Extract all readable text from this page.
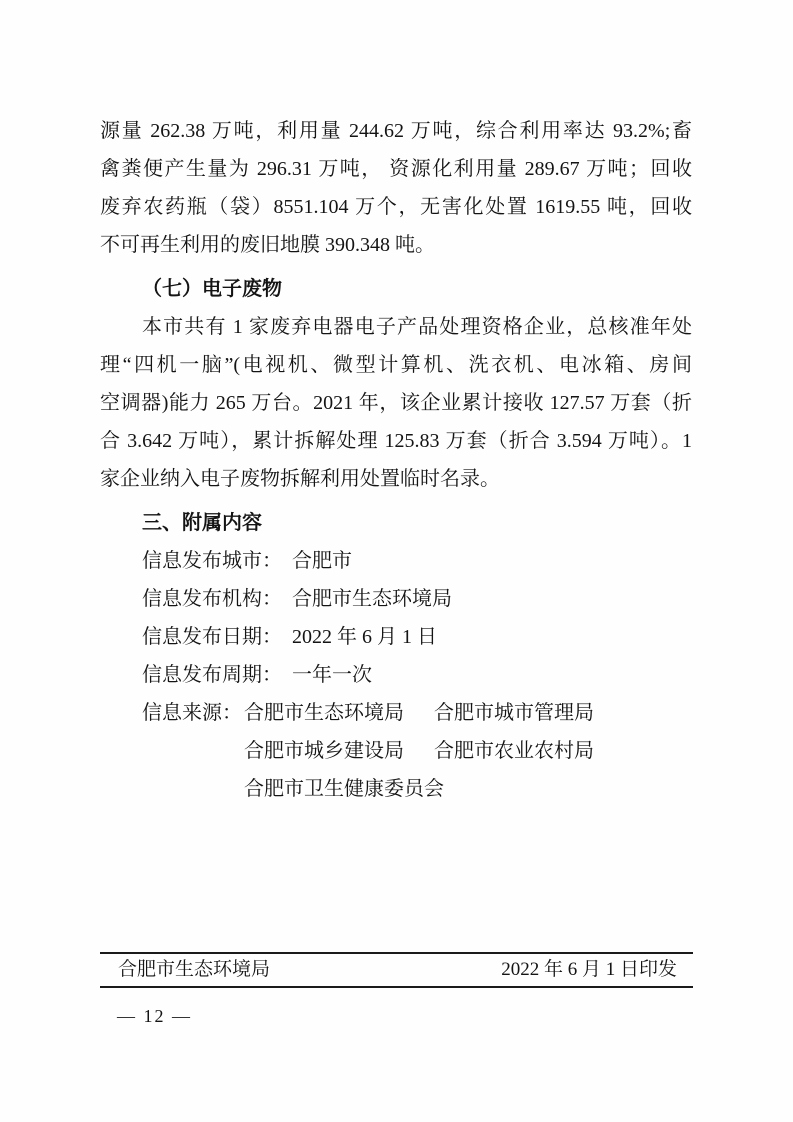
源量 262.38 万吨，利用量 244.62 万吨，综合利用率达 93.2%;畜
禽粪便产生量为 296.31 万吨， 资源化利用量 289.67 万吨；回收
废弃农药瓶（袋）8551.104 万个，无害化处置 1619.55 吨，回收
不可再生利用的废旧地膜 390.348 吨。
（七）电子废物
本市共有 1 家废弃电器电子产品处理资格企业，总核准年处
理“四机一脑”(电视机、微型计算机、洗衣机、电冰箱、房间
空调器)能力 265 万台。2021 年，该企业累计接收 127.57 万套（折
合 3.642 万吨），累计拆解处理 125.83 万套（折合 3.594 万吨）。1
家企业纳入电子废物拆解利用处置临时名录。
三、附属内容
信息发布城市： 合肥市
信息发布机构： 合肥市生态环境局
信息发布日期： 2022 年 6 月 1 日
信息发布周期： 一年一次
信息来源： 合肥市生态环境局 合肥市城市管理局
合肥市城乡建设局 合肥市农业农村局
合肥市卫生健康委员会
合肥市生态环境局	2022 年 6 月 1 日印发
— 12 —
